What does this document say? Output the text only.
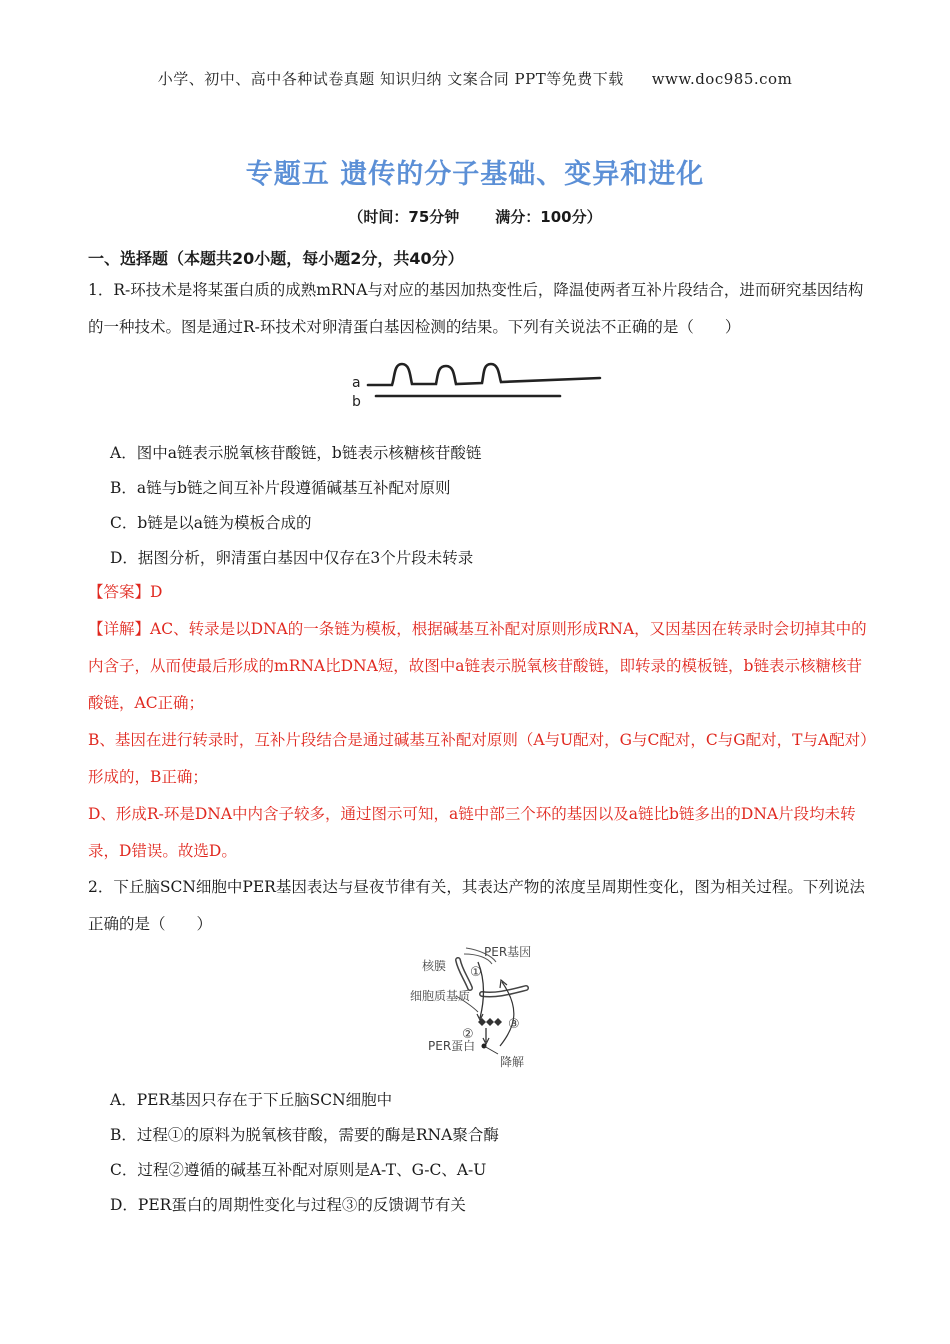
小学、初中、高中各种试卷真题 知识归纳 文案合同 PPT等免费下载 www.doc985.com
专题五 遗传的分子基础、变异和进化
（时间：75分钟 满分：100分）
一、选择题（本题共20小题，每小题2分，共40分）
1．R-环技术是将某蛋白质的成熟mRNA与对应的基因加热变性后，降温使两者互补片段结合，进而研究基因结构的一种技术。图是通过R-环技术对卵清蛋白基因检测的结果。下列有关说法不正确的是（　　）
a
b
A．图中a链表示脱氧核苷酸链，b链表示核糖核苷酸链
B．a链与b链之间互补片段遵循碱基互补配对原则
C．b链是以a链为模板合成的
D．据图分析，卵清蛋白基因中仅存在3个片段未转录
【答案】D
【详解】AC、转录是以DNA的一条链为模板，根据碱基互补配对原则形成RNA，又因基因在转录时会切掉其中的内含子，从而使最后形成的mRNA比DNA短，故图中a链表示脱氧核苷酸链，即转录的模板链，b链表示核糖核苷酸链，AC正确；
B、基因在进行转录时，互补片段结合是通过碱基互补配对原则（A与U配对，G与C配对，C与G配对，T与A配对）形成的，B正确；
D、形成R-环是DNA中内含子较多，通过图示可知，a链中部三个环的基因以及a链比b链多出的DNA片段均未转录，D错误。故选D。
2．下丘脑SCN细胞中PER基因表达与昼夜节律有关，其表达产物的浓度呈周期性变化，图为相关过程。下列说法正确的是（　　）
PER基因
核膜 ①
细胞质基质
②
③
PER蛋白
降解
A．PER基因只存在于下丘脑SCN细胞中
B．过程①的原料为脱氧核苷酸，需要的酶是RNA聚合酶
C．过程②遵循的碱基互补配对原则是A-T、G-C、A-U
D．PER蛋白的周期性变化与过程③的反馈调节有关
